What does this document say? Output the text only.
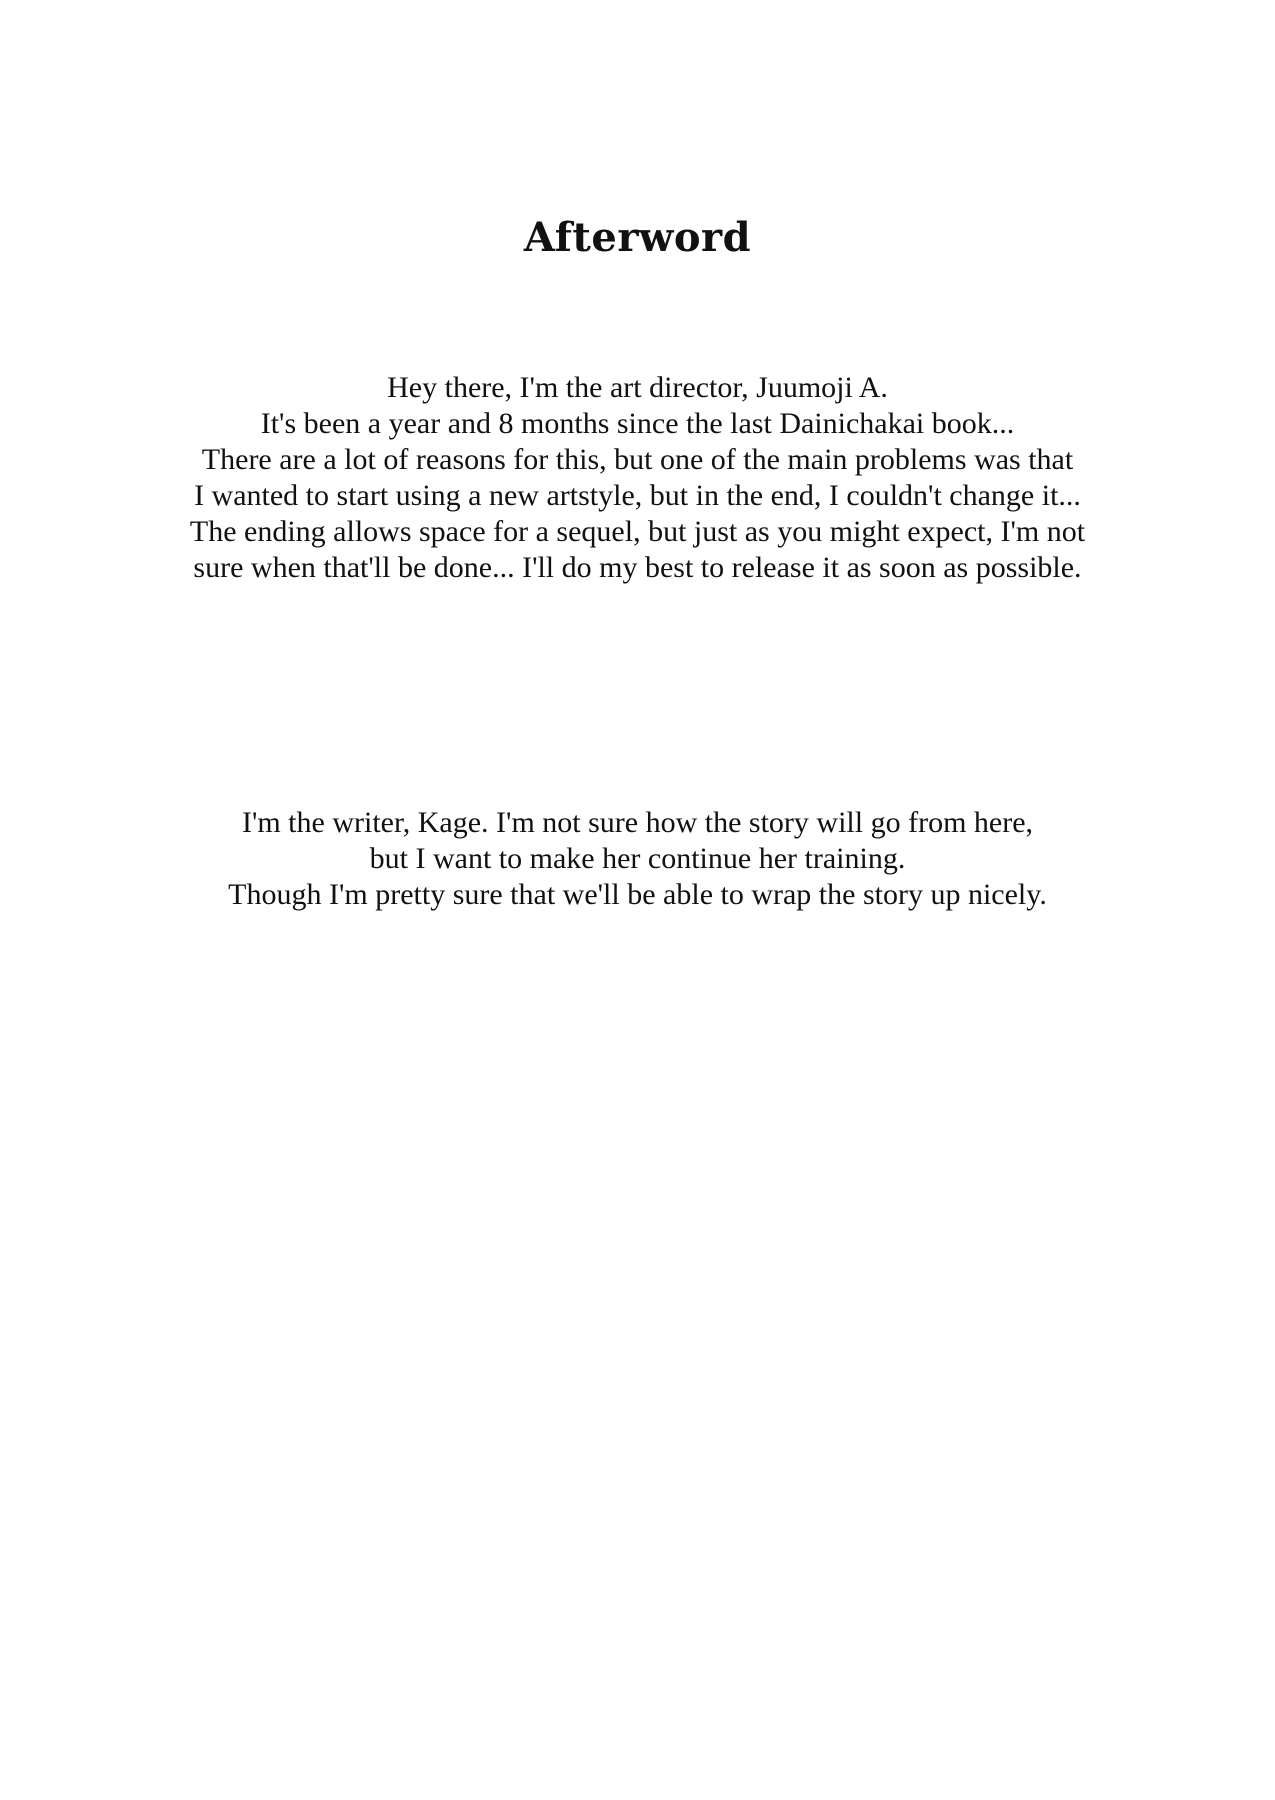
Afterword
Hey there, I'm the art director, Juumoji A.
It's been a year and 8 months since the last Dainichakai book...
There are a lot of reasons for this, but one of the main problems was that
I wanted to start using a new artstyle, but in the end, I couldn't change it...
The ending allows space for a sequel, but just as you might expect, I'm not
sure when that'll be done... I'll do my best to release it as soon as possible.
I'm the writer, Kage. I'm not sure how the story will go from here,
but I want to make her continue her training.
Though I'm pretty sure that we'll be able to wrap the story up nicely.
